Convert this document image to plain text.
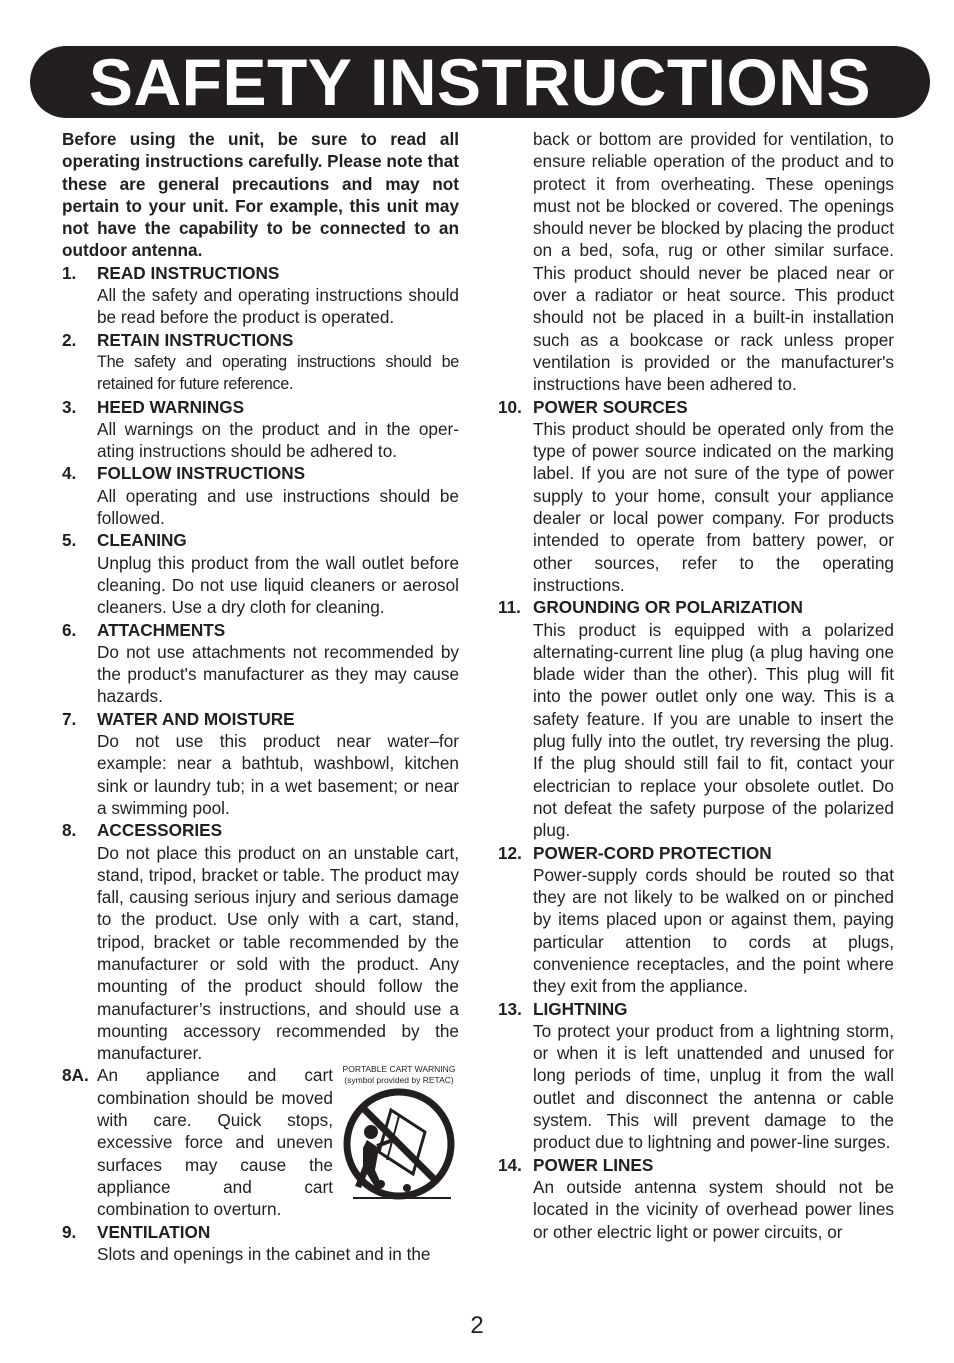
SAFETY INSTRUCTIONS

Before using the unit, be sure to read all operating instructions carefully. Please note that these are general precautions and may not pertain to your unit. For example, this unit may not have the capability to be connected to an outdoor antenna.

1.	READ INSTRUCTIONS
All the safety and operating instructions should be read before the product is operated.
2.	RETAIN INSTRUCTIONS
The safety and operating instructions should be retained for future reference.
3.	HEED WARNINGS
All warnings on the product and in the oper-ating instructions should be adhered to.
4.	FOLLOW INSTRUCTIONS
All operating and use instructions should be followed.
5.	CLEANING
Unplug this product from the wall outlet before cleaning. Do not use liquid cleaners or aerosol cleaners. Use a dry cloth for cleaning.
6.	ATTACHMENTS
Do not use attachments not recommended by the product's manufacturer as they may cause hazards.
7.	WATER AND MOISTURE
Do not use this product near water–for example: near a bathtub, washbowl, kitchen sink or laundry tub; in a wet basement; or near a swimming pool.
8.	ACCESSORIES
Do not place this product on an unstable cart, stand, tripod, bracket or table. The product may fall, causing serious injury and serious damage to the product. Use only with a cart, stand, tripod, bracket or table recommended by the manufacturer or sold with the product. Any mounting of the product should follow the manufacturer’s instructions, and should use a mounting accessory recommended by the manufacturer.
8A. An appliance and cart combination should be moved with care. Quick stops, excessive force and uneven surfaces may cause the appliance and cart combination to overturn.
PORTABLE CART WARNING
(symbol provided by RETAC)
9.	VENTILATION
Slots and openings in the cabinet and in the

back or bottom are provided for ventilation, to ensure reliable operation of the product and to protect it from overheating. These openings must not be blocked or covered. The openings should never be blocked by placing the product on a bed, sofa, rug or other similar surface. This product should never be placed near or over a radiator or heat source. This product should not be placed in a built-in installation such as a bookcase or rack unless proper ventilation is provided or the manufacturer's instructions have been adhered to.

10. POWER SOURCES
This product should be operated only from the type of power source indicated on the marking label. If you are not sure of the type of power supply to your home, consult your appliance dealer or local power company. For products intended to operate from battery power, or other sources, refer to the operating instructions.
11. GROUNDING OR POLARIZATION
This product is equipped with a polarized alternating-current line plug (a plug having one blade wider than the other). This plug will fit into the power outlet only one way. This is a safety feature. If you are unable to insert the plug fully into the outlet, try reversing the plug. If the plug should still fail to fit, contact your electrician to replace your obsolete outlet. Do not defeat the safety purpose of the polarized plug.
12. POWER-CORD PROTECTION
Power-supply cords should be routed so that they are not likely to be walked on or pinched by items placed upon or against them, paying particular attention to cords at plugs, convenience receptacles, and the point where they exit from the appliance.
13. LIGHTNING
To protect your product from a lightning storm, or when it is left unattended and unused for long periods of time, unplug it from the wall outlet and disconnect the antenna or cable system. This will prevent damage to the product due to lightning and power-line surges.
14. POWER LINES
An outside antenna system should not be located in the vicinity of overhead power lines or other electric light or power circuits, or
2
